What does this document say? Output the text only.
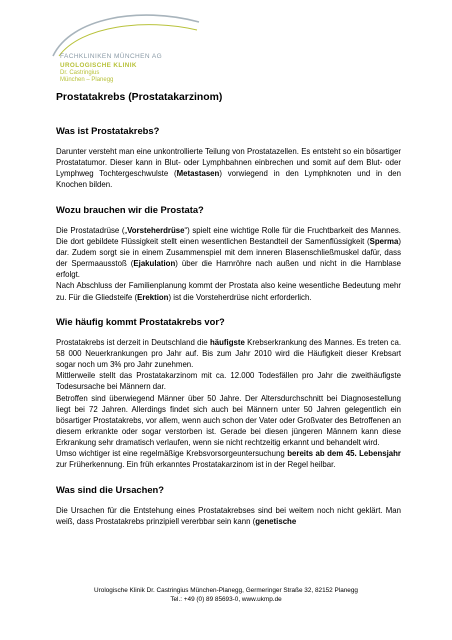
FACHKLINIKEN MÜNCHEN AG
UROLOGISCHE KLINIK
Dr. Castringius
München – Planegg
Prostatakrebs (Prostatakarzinom)
Was ist Prostatakrebs?

Darunter versteht man eine unkontrollierte Teilung von Prostatazellen. Es entsteht so ein bösartiger Prostatatumor. Dieser kann in Blut- oder Lymphbahnen einbrechen und somit auf dem Blut- oder Lymphweg Tochtergeschwulste (Metastasen) vorwiegend in den Lymphknoten und in den Knochen bilden.

Wozu brauchen wir die Prostata?

Die Prostatadrüse („Vorsteherdrüse“) spielt eine wichtige Rolle für die Fruchtbarkeit des Mannes. Die dort gebildete Flüssigkeit stellt einen wesentlichen Bestandteil der Samenflüssigkeit (Sperma) dar. Zudem sorgt sie in einem Zusammenspiel mit dem inneren Blasenschließmuskel dafür, dass der Spermaausstoß (Ejakulation) über die Harnröhre nach außen und nicht in die Harnblase erfolgt.

Nach Abschluss der Familienplanung kommt der Prostata also keine wesentliche Bedeutung mehr zu. Für die Gliedsteife (Erektion) ist die Vorsteherdrüse nicht erforderlich.

Wie häufig kommt Prostatakrebs vor?

Prostatakrebs ist derzeit in Deutschland die häufigste Krebserkrankung des Mannes. Es treten ca. 58 000 Neuerkrankungen pro Jahr auf. Bis zum Jahr 2010 wird die Häufigkeit dieser Krebsart sogar noch um 3% pro Jahr zunehmen.

Mittlerweile stellt das Prostatakarzinom mit ca. 12.000 Todesfällen pro Jahr die zweithäufigste Todesursache bei Männern dar.

Betroffen sind überwiegend Männer über 50 Jahre. Der Altersdurchschnitt bei Diagnosestellung liegt bei 72 Jahren. Allerdings findet sich auch bei Männern unter 50 Jahren gelegentlich ein bösartiger Prostatakrebs, vor allem, wenn auch schon der Vater oder Großvater des Betroffenen an diesem erkrankte oder sogar verstorben ist. Gerade bei diesen jüngeren Männern kann diese Erkrankung sehr dramatisch verlaufen, wenn sie nicht rechtzeitig erkannt und behandelt wird.

Umso wichtiger ist eine regelmäßige Krebsvorsorgeuntersuchung bereits ab dem 45. Lebensjahr zur Früherkennung. Ein früh erkanntes Prostatakarzinom ist in der Regel heilbar.

Was sind die Ursachen?

Die Ursachen für die Entstehung eines Prostatakrebses sind bei weitem noch nicht geklärt. Man weiß, dass Prostatakrebs prinzipiell vererbbar sein kann (genetische

Urologische Klinik Dr. Castringius München-Planegg, Germeringer Straße 32, 82152 Planegg
Tel.: +49 (0) 89 85693-0, www.ukmp.de
